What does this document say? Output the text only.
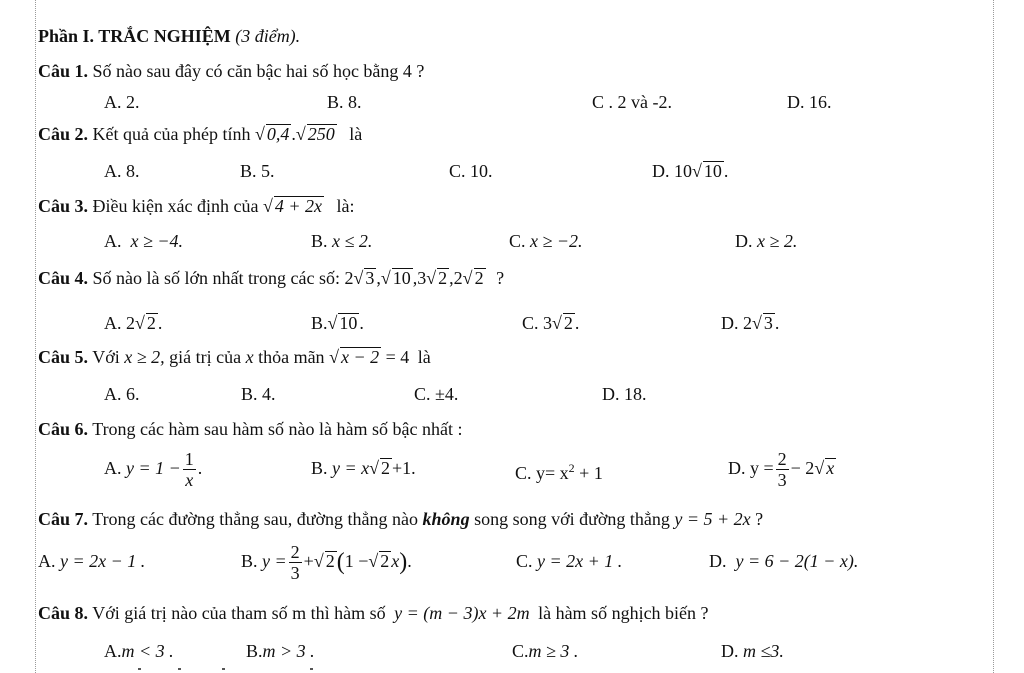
Phần I. TRẮC NGHIỆM (3 điểm).
Câu 1. Số nào sau đây có căn bậc hai số học bằng 4 ?
A. 2.	B. 8.	C . 2 và -2.	D. 16.
Câu 2. Kết quả của phép tính √ 0,4 .√ 250 là
A. 8.	B. 5.	C. 10.	D. 10√ 10 .
Câu 3. Điều kiện xác định của √ 4 + 2x là:
A. x ≥ −4.	B. x ≤ 2.	C. x ≥ −2.	D. x ≥ 2.
Câu 4. Số nào là số lớn nhất trong các số: 2√ 3 ,√ 10 ,3√ 2 ,2√ 2 ?
A. 2√ 2 .	B.√ 10 .	C. 3√ 2 .	D. 2√ 3 .
Câu 5. Với x ≥ 2, giá trị của x thỏa mãn √ x − 2 = 4 là
A. 6.	B. 4.	C. ±4.	D. 18.
Câu 6. Trong các hàm sau hàm số nào là hàm số bậc nhất :
A. $y = 1 - \frac{1}{x}$ .	B. y = x√ 2 +1.	C. $y= x^2 + 1$	D. $y = \frac{2}{3} - 2√$ x
Câu 7. Trong các đường thẳng sau, đường thẳng nào không song song với đường thẳng y = 5 + 2x ?
A. y = 2x − 1 .	B. $y = \frac{2}{3}$ +√ 2(1 −√ 2 x).	C. y = 2x + 1 .	D. y = 6 − 2(1 − x).
Câu 8. Với giá trị nào của tham số m thì hàm số y = (m − 3)x + 2m là hàm số nghịch biến ?
A.m < 3 .	B.m > 3 .	C.m ≥ 3 .	D. m ≤3.
